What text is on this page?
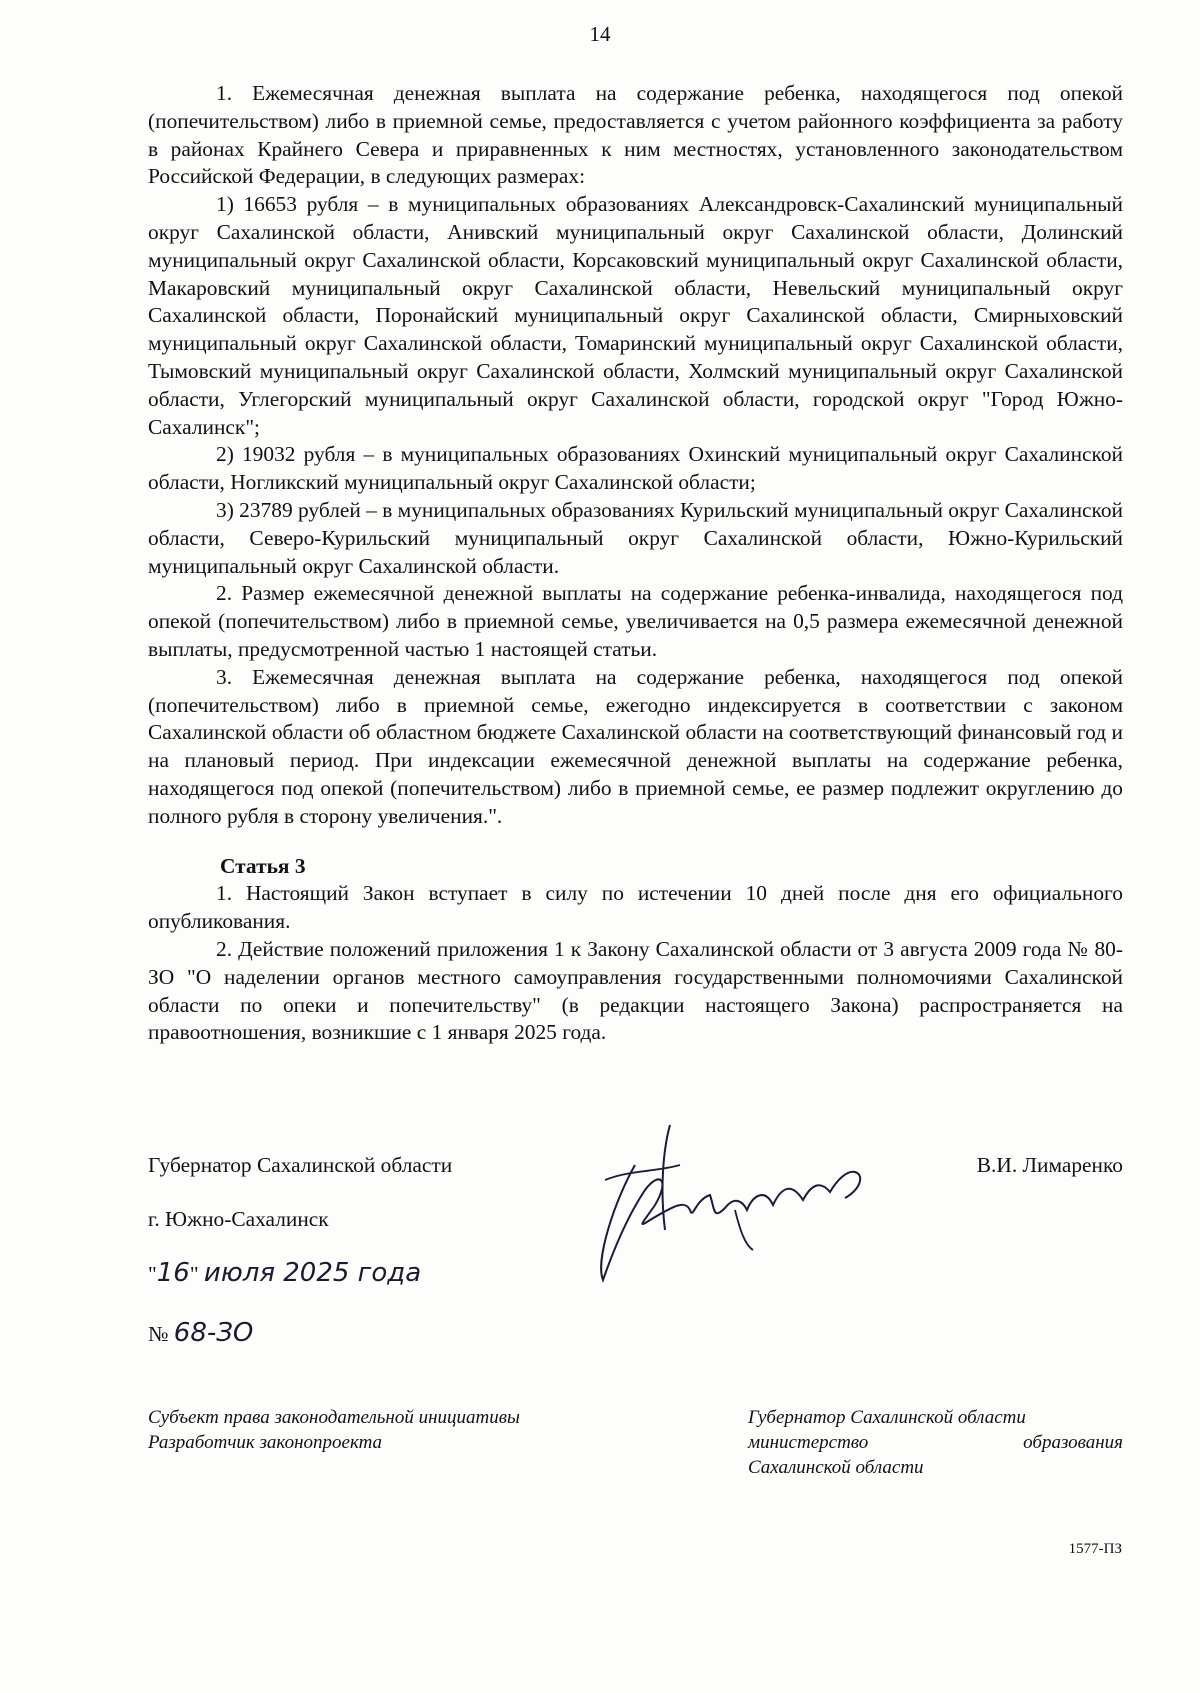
14

1. Ежемесячная денежная выплата на содержание ребенка, находящегося под опекой (попечительством) либо в приемной семье, предоставляется с учетом районного коэффициента за работу в районах Крайнего Севера и приравненных к ним местностях, установленного законодательством Российской Федерации, в следующих размерах:

1) 16653 рубля – в муниципальных образованиях Александровск-Сахалинский муниципальный округ Сахалинской области, Анивский муниципальный округ Сахалинской области, Долинский муниципальный округ Сахалинской области, Корсаковский муниципальный округ Сахалинской области, Макаровский муниципальный округ Сахалинской области, Невельский муниципальный округ Сахалинской области, Поронайский муниципальный округ Сахалинской области, Смирныховский муниципальный округ Сахалинской области, Томаринский муниципальный округ Сахалинской области, Тымовский муниципальный округ Сахалинской области, Холмский муниципальный округ Сахалинской области, Углегорский муниципальный округ Сахалинской области, городской округ "Город Южно-Сахалинск";

2) 19032 рубля – в муниципальных образованиях Охинский муниципальный округ Сахалинской области, Ногликский муниципальный округ Сахалинской области;

3) 23789 рублей – в муниципальных образованиях Курильский муниципальный округ Сахалинской области, Северо-Курильский муниципальный округ Сахалинской области, Южно-Курильский муниципальный округ Сахалинской области.

2. Размер ежемесячной денежной выплаты на содержание ребенка-инвалида, находящегося под опекой (попечительством) либо в приемной семье, увеличивается на 0,5 размера ежемесячной денежной выплаты, предусмотренной частью 1 настоящей статьи.

3. Ежемесячная денежная выплата на содержание ребенка, находящегося под опекой (попечительством) либо в приемной семье, ежегодно индексируется в соответствии с законом Сахалинской области об областном бюджете Сахалинской области на соответствующий финансовый год и на плановый период. При индексации ежемесячной денежной выплаты на содержание ребенка, находящегося под опекой (попечительством) либо в приемной семье, ее размер подлежит округлению до полного рубля в сторону увеличения.".

Статья 3

1. Настоящий Закон вступает в силу по истечении 10 дней после дня его официального опубликования.

2. Действие положений приложения 1 к Закону Сахалинской области от 3 августа 2009 года № 80-ЗО "О наделении органов местного самоуправления государственными полномочиями Сахалинской области по опеки и попечительству" (в редакции настоящего Закона) распространяется на правоотношения, возникшие с 1 января 2025 года.

Губернатор Сахалинской области	В.И. Лимаренко
г. Южно-Сахалинск
"16" июля 2025 года
№ 68-ЗО
Субъект права законодательной инициативы
Разработчик законопроекта
Губернатор Сахалинской области
министерство	образования
Сахалинской области
1577-ПЗ
